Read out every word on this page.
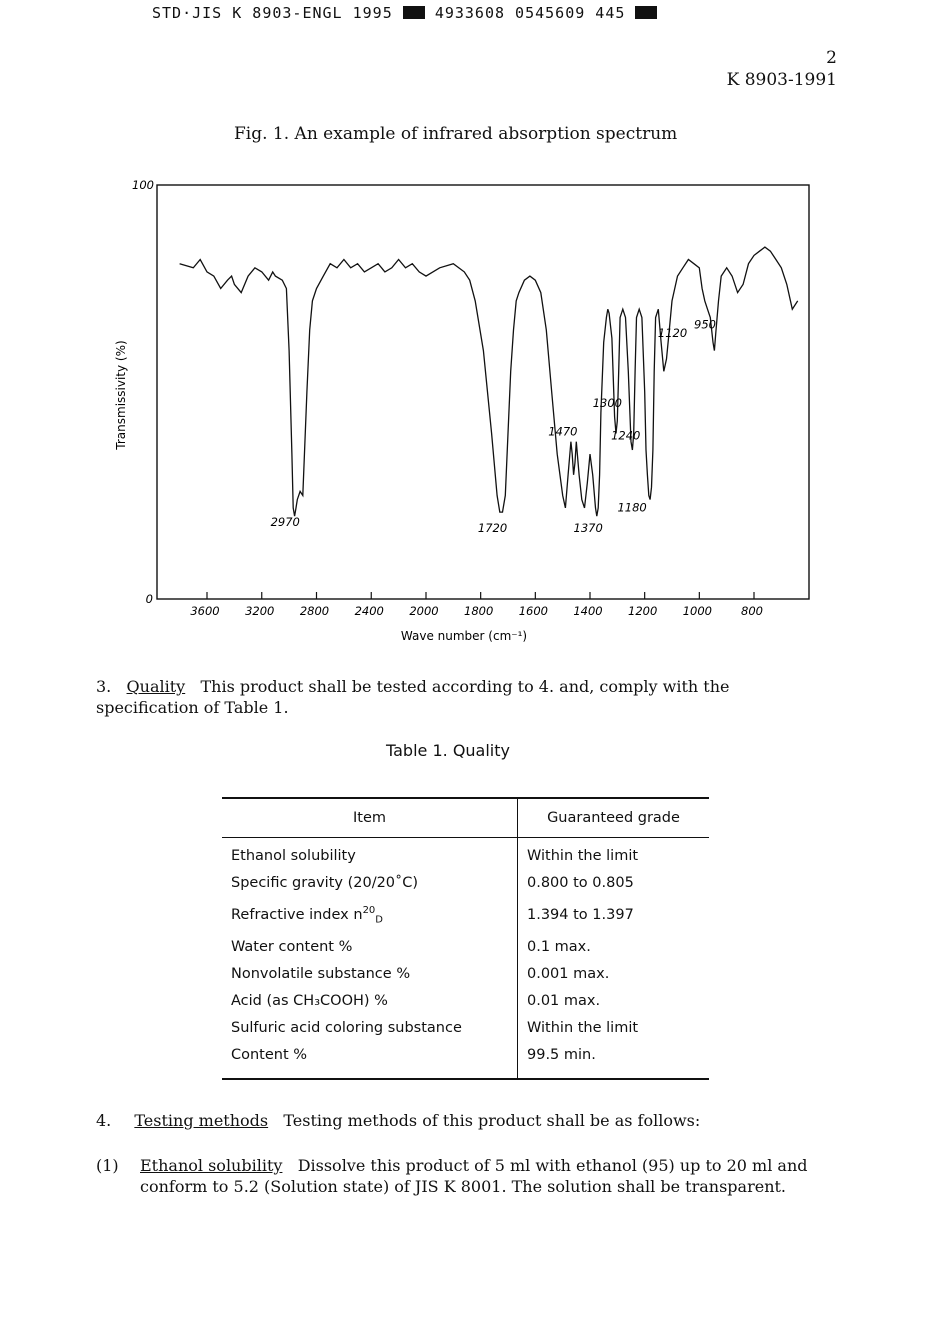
STD·JIS K 8903-ENGL 1995	4933608 0545609 445
2
K 8903-1991
Fig. 1. An example of infrared absorption spectrum
3600 3200 2800 2400 2000 1800 1600 1400 1200 1000	800
100
0
2970	1720
1470
1370
1300
1240
1180
1120
950
Transmissivity (%)
Wave number (cm⁻¹)
3. Quality This product shall be tested according to 4. and, comply with the specification of Table 1.
Table 1. Quality
Item	Guaranteed grade
Ethanol solubility	Within the limit
Specific gravity (20/20˚C)	0.800 to 0.805
Refractive index $n^{20}_D$	1.394 to 1.397
Water content %	0.1 max.
Nonvolatile substance %	0.001 max.
Acid (as CH₃COOH) %	0.01 max.
Sulfuric acid coloring substance	Within the limit
Content %	99.5 min.
4. Testing methods Testing methods of this product shall be as follows:
(1) Ethanol solubility Dissolve this product of 5 ml with ethanol (95) up to 20 ml and conform to 5.2 (Solution state) of JIS K 8001. The solution shall be transparent.
